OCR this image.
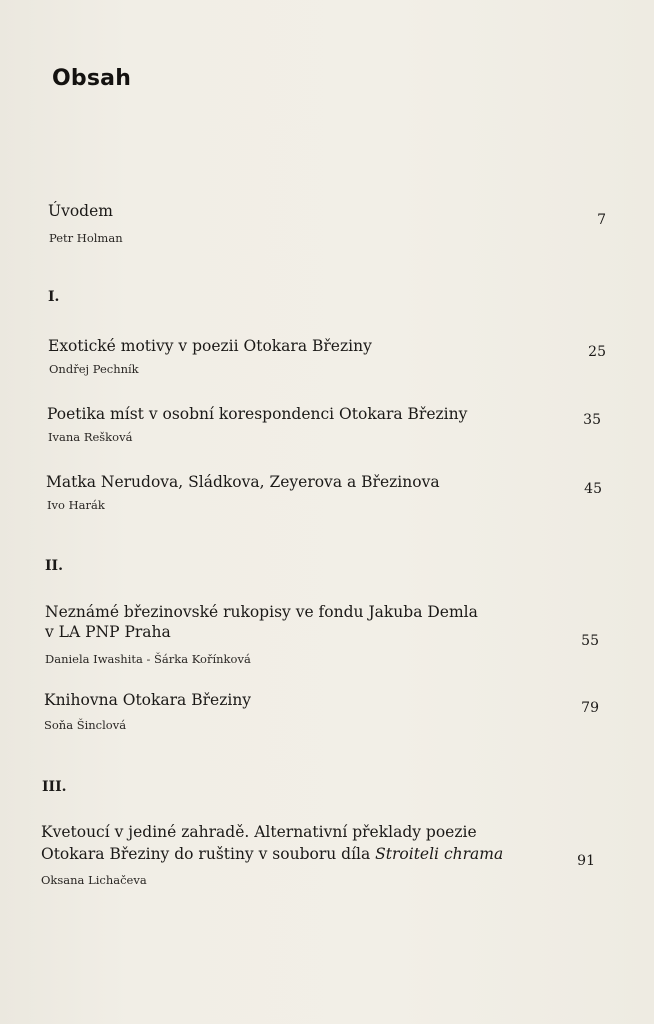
Obsah
Úvodem
Petr Holman
7
I.
Exotické motivy v poezii Otokara Březiny
Ondřej Pechník
25
Poetika míst v osobní korespondenci Otokara Březiny
Ivana Rešková
35
Matka Nerudova, Sládkova, Zeyerova a Březinova
Ivo Harák
45
II.
Neznámé březinovské rukopisy ve fondu Jakuba Demla
v LA PNP Praha
Daniela Iwashita - Šárka Kořínková
55
Knihovna Otokara Březiny
Soňa Šinclová
79
III.
Kvetoucí v jediné zahradě. Alternativní překlady poezie
Otokara Březiny do ruštiny v souboru díla Stroiteli chrama
Oksana Lichačeva
91
